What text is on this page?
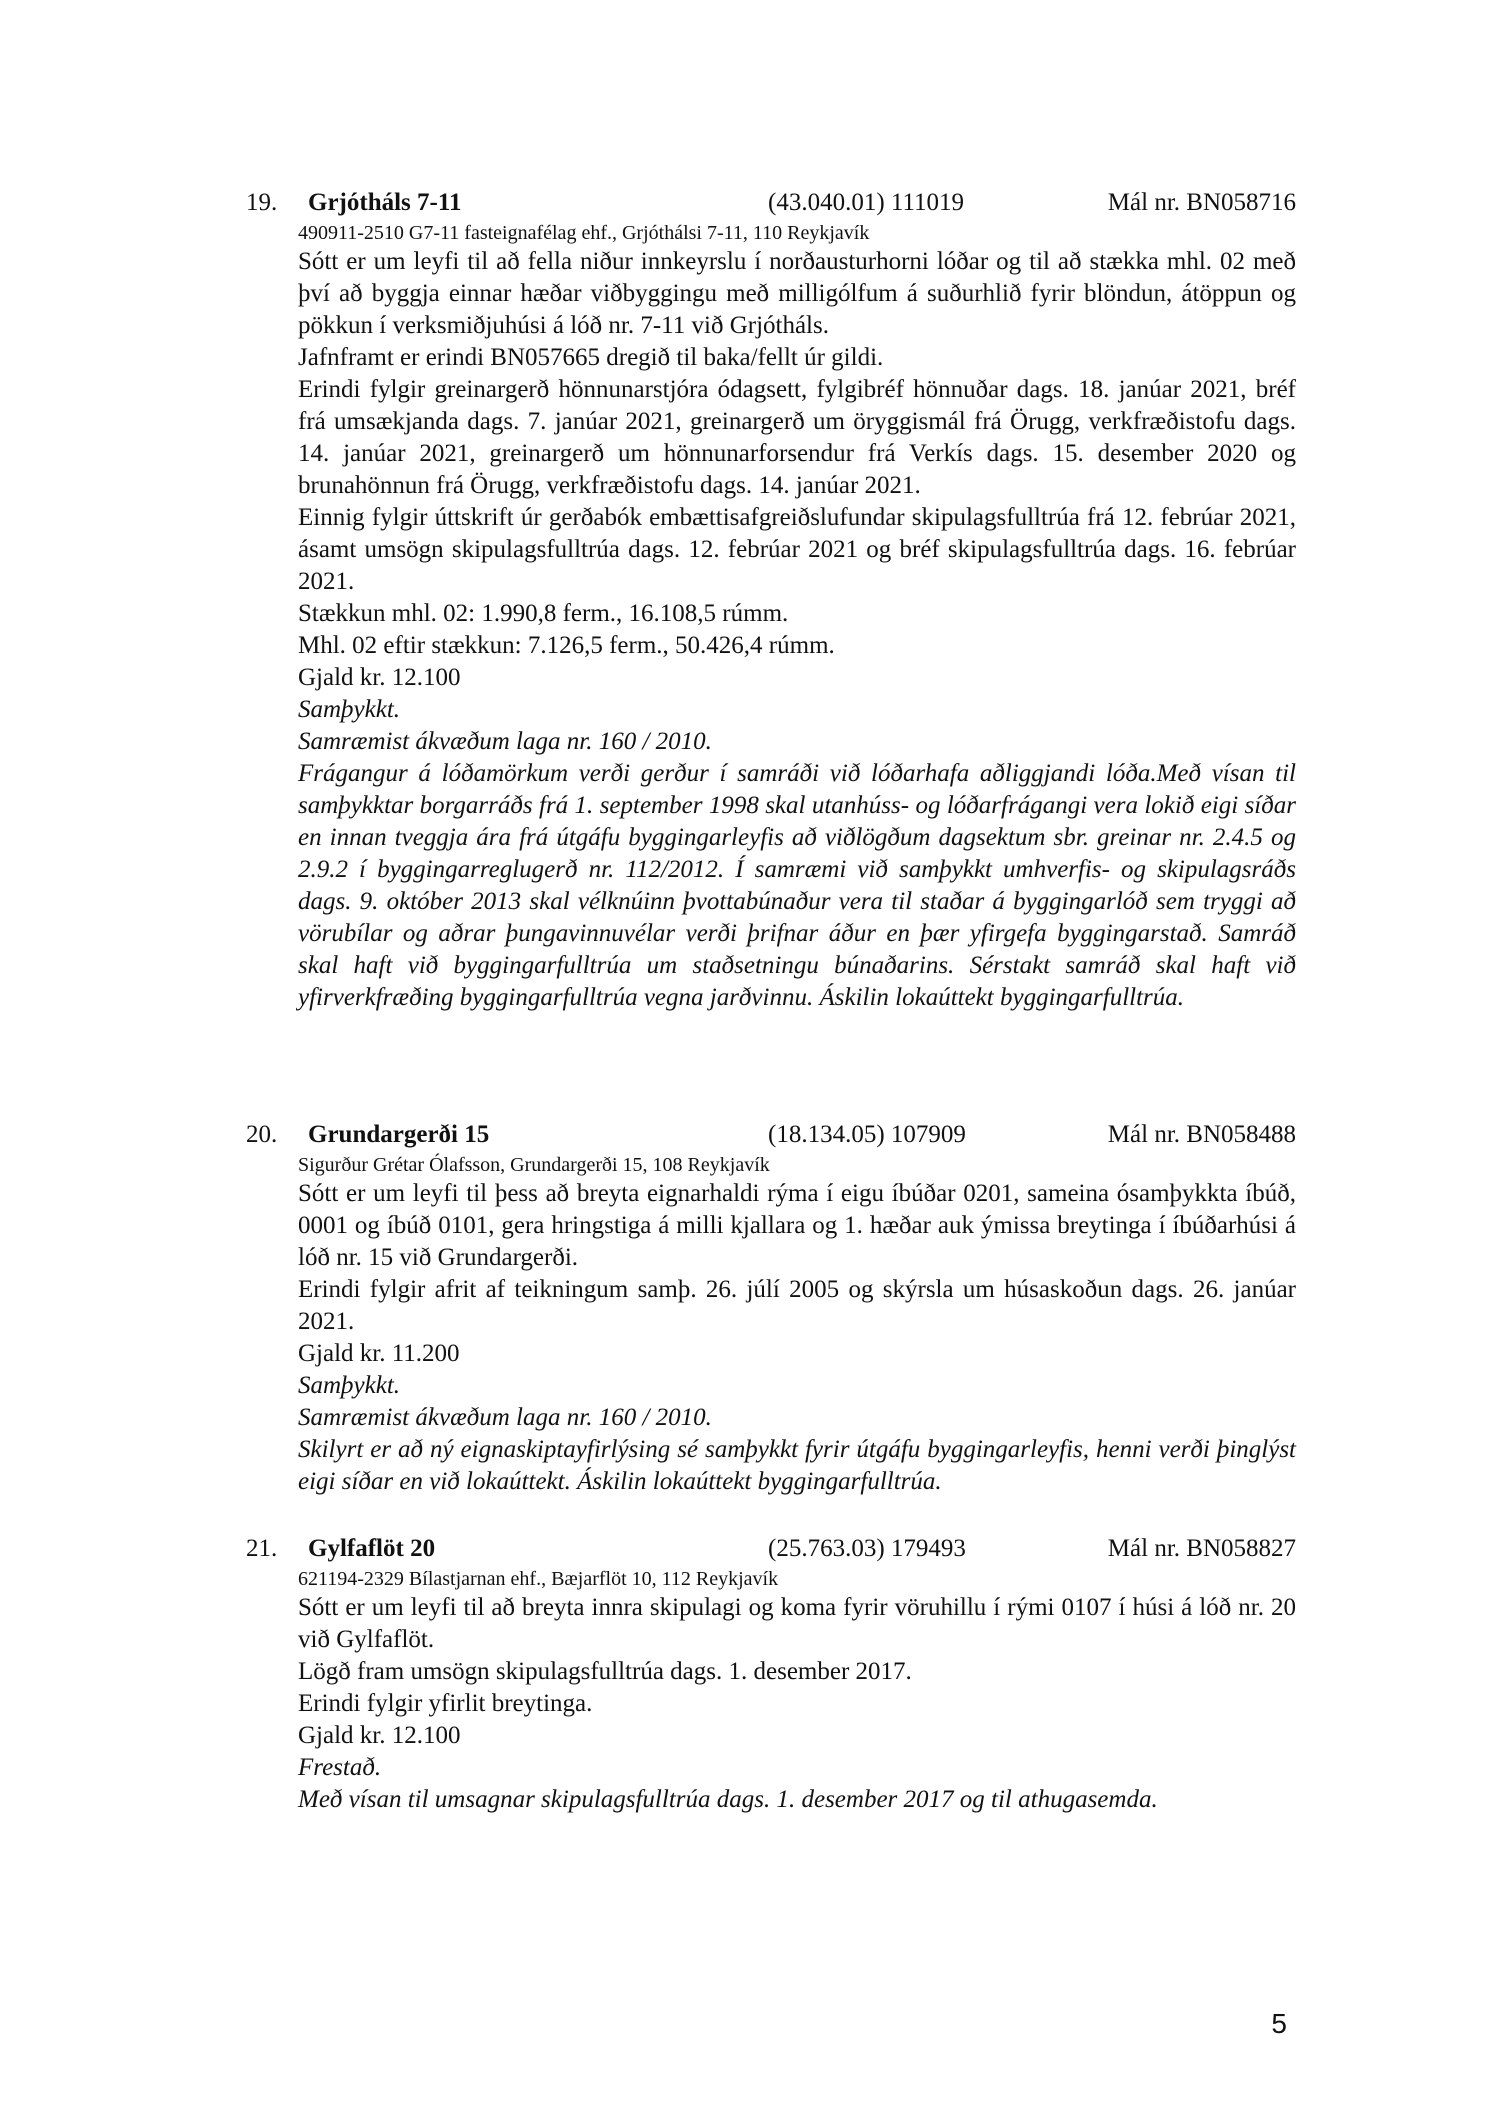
19. Grjótháls 7-11	(43.040.01) 111019	Mál nr. BN058716
490911-2510 G7-11 fasteignafélag ehf., Grjóthálsi 7-11, 110 Reykjavík
Sótt er um leyfi til að fella niður innkeyrslu í norðausturhorni lóðar og til að stækka mhl. 02 með því að byggja einnar hæðar viðbyggingu með milligólfum á suðurhlið fyrir blöndun, átöppun og pökkun í verksmiðjuhúsi á lóð nr. 7-11 við Grjótháls.
Jafnframt er erindi BN057665 dregið til baka/fellt úr gildi.
Erindi fylgir greinargerð hönnunarstjóra ódagsett, fylgibréf hönnuðar dags. 18. janúar 2021, bréf frá umsækjanda dags. 7. janúar 2021, greinargerð um öryggismál frá Örugg, verkfræðistofu dags. 14. janúar 2021, greinargerð um hönnunarforsendur frá Verkís dags. 15. desember 2020 og brunahönnun frá Örugg, verkfræðistofu dags. 14. janúar 2021.
Einnig fylgir úttskrift úr gerðabók embættisafgreiðslufundar skipulagsfulltrúa frá 12. febrúar 2021, ásamt umsögn skipulagsfulltrúa dags. 12. febrúar 2021 og bréf skipulagsfulltrúa dags. 16. febrúar 2021.
Stækkun mhl. 02: 1.990,8 ferm., 16.108,5 rúmm.
Mhl. 02 eftir stækkun: 7.126,5 ferm., 50.426,4 rúmm.
Gjald kr. 12.100
Samþykkt.
Samræmist ákvæðum laga nr. 160 / 2010.
Frágangur á lóðamörkum verði gerður í samráði við lóðarhafa aðliggjandi lóða.Með vísan til samþykktar borgarráðs frá 1. september 1998 skal utanhúss- og lóðarfrágangi vera lokið eigi síðar en innan tveggja ára frá útgáfu byggingarleyfis að viðlögðum dagsektum sbr. greinar nr. 2.4.5 og 2.9.2 í byggingarreglugerð nr. 112/2012. Í samræmi við samþykkt umhverfis- og skipulagsráðs dags. 9. október 2013 skal vélknúinn þvottabúnaður vera til staðar á byggingarlóð sem tryggi að vörubílar og aðrar þungavinnuvélar verði þrifnar áður en þær yfirgefa byggingarstað. Samráð skal haft við byggingarfulltrúa um staðsetningu búnaðarins. Sérstakt samráð skal haft við yfirverkfræðing byggingarfulltrúa vegna jarðvinnu. Áskilin lokaúttekt byggingarfulltrúa.
20. Grundargerði 15	(18.134.05) 107909	Mál nr. BN058488
Sigurður Grétar Ólafsson, Grundargerði 15, 108 Reykjavík
Sótt er um leyfi til þess að breyta eignarhaldi rýma í eigu íbúðar 0201, sameina ósamþykkta íbúð, 0001 og íbúð 0101, gera hringstiga á milli kjallara og 1. hæðar auk ýmissa breytinga í íbúðarhúsi á lóð nr. 15 við Grundargerði.
Erindi fylgir afrit af teikningum samþ. 26. júlí 2005 og skýrsla um húsaskoðun dags. 26. janúar 2021.
Gjald kr. 11.200
Samþykkt.
Samræmist ákvæðum laga nr. 160 / 2010.
Skilyrt er að ný eignaskiptayfirlýsing sé samþykkt fyrir útgáfu byggingarleyfis, henni verði þinglýst eigi síðar en við lokaúttekt. Áskilin lokaúttekt byggingarfulltrúa.
21. Gylfaflöt 20	(25.763.03) 179493	Mál nr. BN058827
621194-2329 Bílastjarnan ehf., Bæjarflöt 10, 112 Reykjavík
Sótt er um leyfi til að breyta innra skipulagi og koma fyrir vöruhillu í rými 0107 í húsi á lóð nr. 20 við Gylfaflöt.
Lögð fram umsögn skipulagsfulltrúa dags. 1. desember 2017.
Erindi fylgir yfirlit breytinga.
Gjald kr. 12.100
Frestað.
Með vísan til umsagnar skipulagsfulltrúa dags. 1. desember 2017 og til athugasemda.
5
